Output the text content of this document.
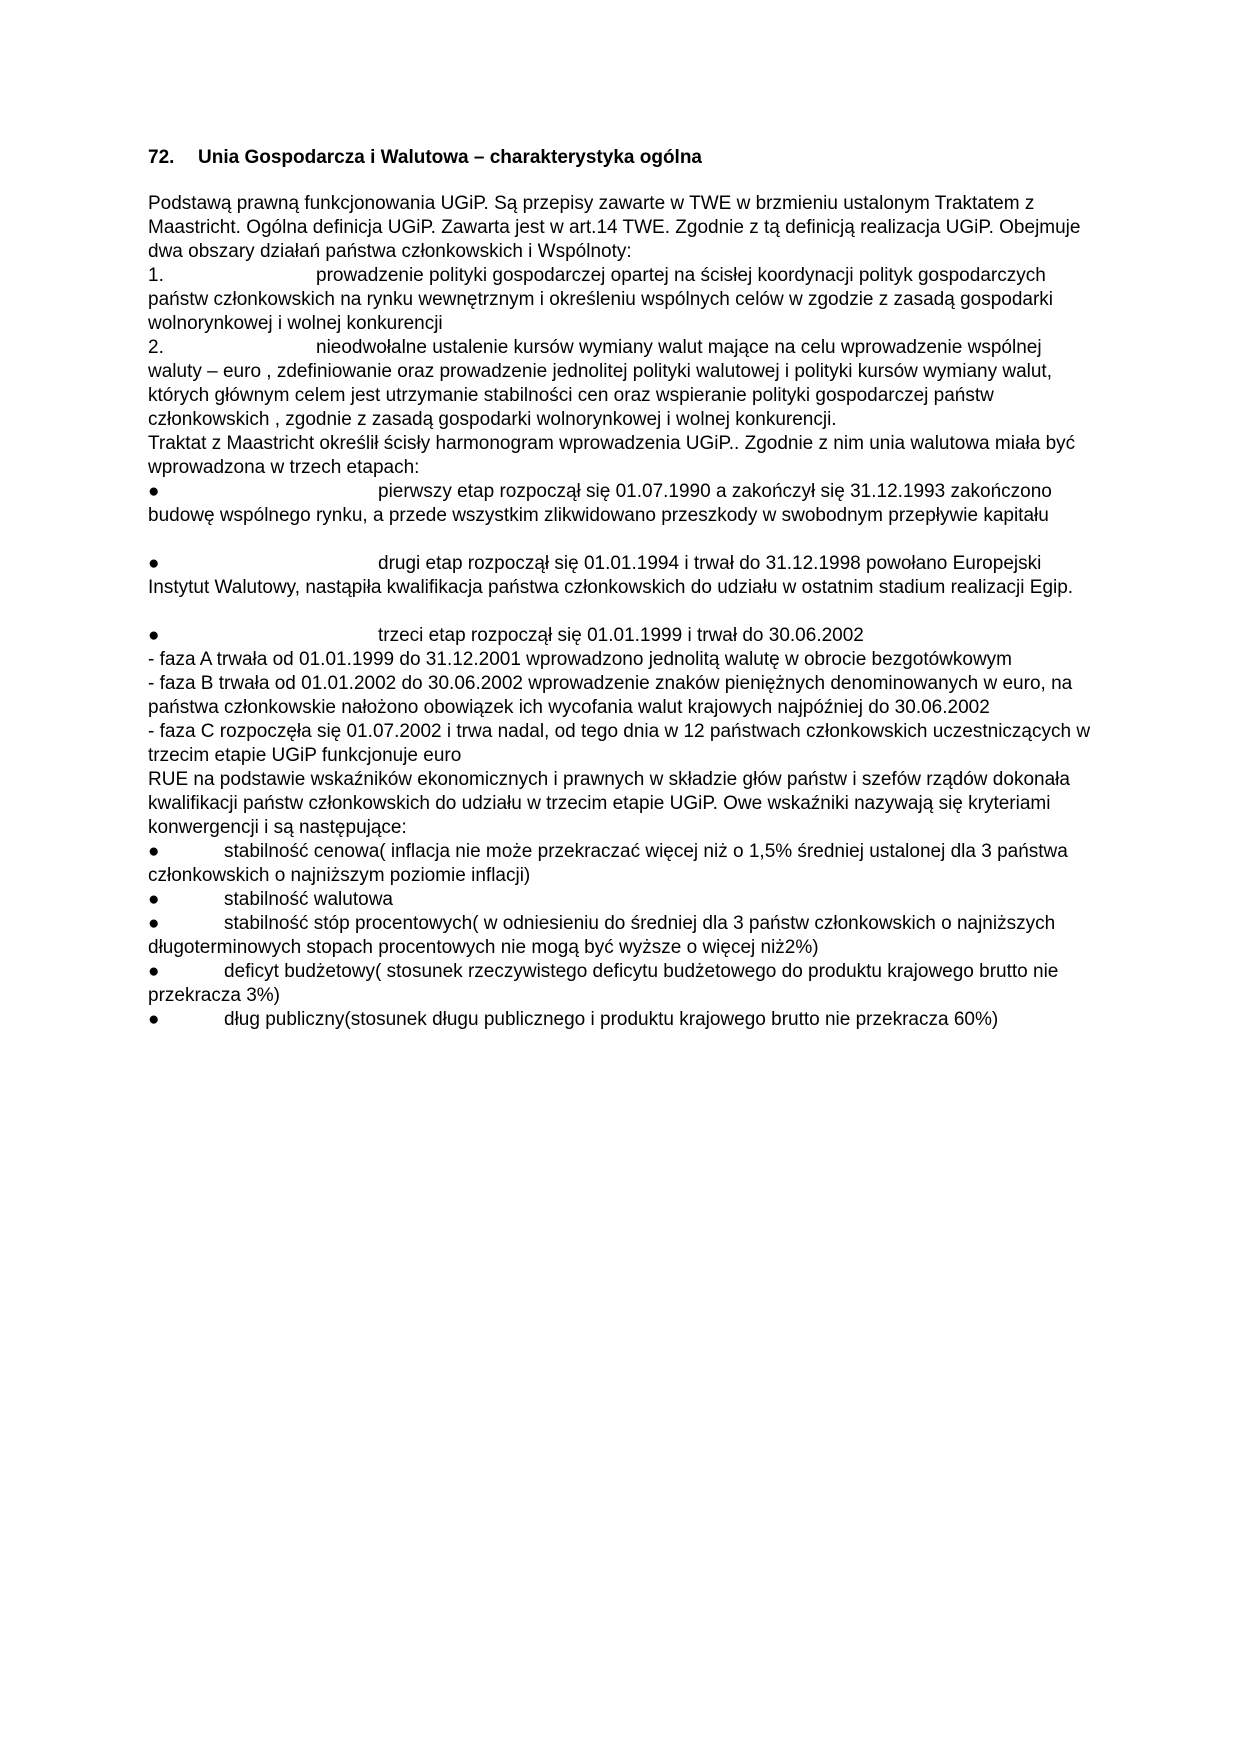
72.	Unia Gospodarcza i Walutowa – charakterystyka ogólna

Podstawą prawną funkcjonowania UGiP. Są przepisy zawarte w TWE w brzmieniu ustalonym Traktatem z Maastricht. Ogólna definicja UGiP. Zawarta jest w art.14 TWE. Zgodnie z tą definicją realizacja UGiP. Obejmuje dwa obszary działań państwa członkowskich i Wspólnoty:

1.	prowadzenie polityki gospodarczej opartej na ścisłej koordynacji polityk gospodarczych państw członkowskich na rynku wewnętrznym i określeniu wspólnych celów w zgodzie z zasadą gospodarki wolnorynkowej i wolnej konkurencji

2.	nieodwołalne ustalenie kursów wymiany walut mające na celu wprowadzenie wspólnej waluty – euro , zdefiniowanie oraz prowadzenie jednolitej polityki walutowej i polityki kursów wymiany walut, których głównym celem jest utrzymanie stabilności cen oraz wspieranie polityki gospodarczej państw członkowskich , zgodnie z zasadą gospodarki wolnorynkowej i wolnej konkurencji.

Traktat z Maastricht określił ścisły harmonogram wprowadzenia UGiP.. Zgodnie z nim unia walutowa miała być wprowadzona w trzech etapach:

●	pierwszy etap rozpoczął się 01.07.1990 a zakończył się 31.12.1993 zakończono budowę wspólnego rynku, a przede wszystkim zlikwidowano przeszkody w swobodnym przepływie kapitału

●	drugi etap rozpoczął się 01.01.1994 i trwał do 31.12.1998 powołano Europejski Instytut Walutowy, nastąpiła kwalifikacja państwa członkowskich do udziału w ostatnim stadium realizacji Egip.

●	trzeci etap rozpoczął się 01.01.1999 i trwał do 30.06.2002

- faza A trwała od 01.01.1999 do 31.12.2001 wprowadzono jednolitą walutę w obrocie bezgotówkowym

- faza B trwała od 01.01.2002 do 30.06.2002 wprowadzenie znaków pieniężnych denominowanych w euro, na państwa członkowskie nałożono obowiązek ich wycofania walut krajowych najpóźniej do 30.06.2002

- faza C rozpoczęła się 01.07.2002 i trwa nadal, od tego dnia w 12 państwach członkowskich uczestniczących w trzecim etapie UGiP funkcjonuje euro

RUE na podstawie wskaźników ekonomicznych i prawnych w składzie głów państw i szefów rządów dokonała kwalifikacji państw członkowskich do udziału w trzecim etapie UGiP. Owe wskaźniki nazywają się kryteriami konwergencji i są następujące:

●	stabilność cenowa( inflacja nie może przekraczać więcej niż o 1,5% średniej ustalonej dla 3 państwa członkowskich o najniższym poziomie inflacji)

●	stabilność walutowa

●	stabilność stóp procentowych( w odniesieniu do średniej dla 3 państw członkowskich o najniższych długoterminowych stopach procentowych nie mogą być wyższe o więcej niż2%)

●	deficyt budżetowy( stosunek rzeczywistego deficytu budżetowego do produktu krajowego brutto nie przekracza 3%)

●	dług publiczny(stosunek długu publicznego i produktu krajowego brutto nie przekracza 60%)
